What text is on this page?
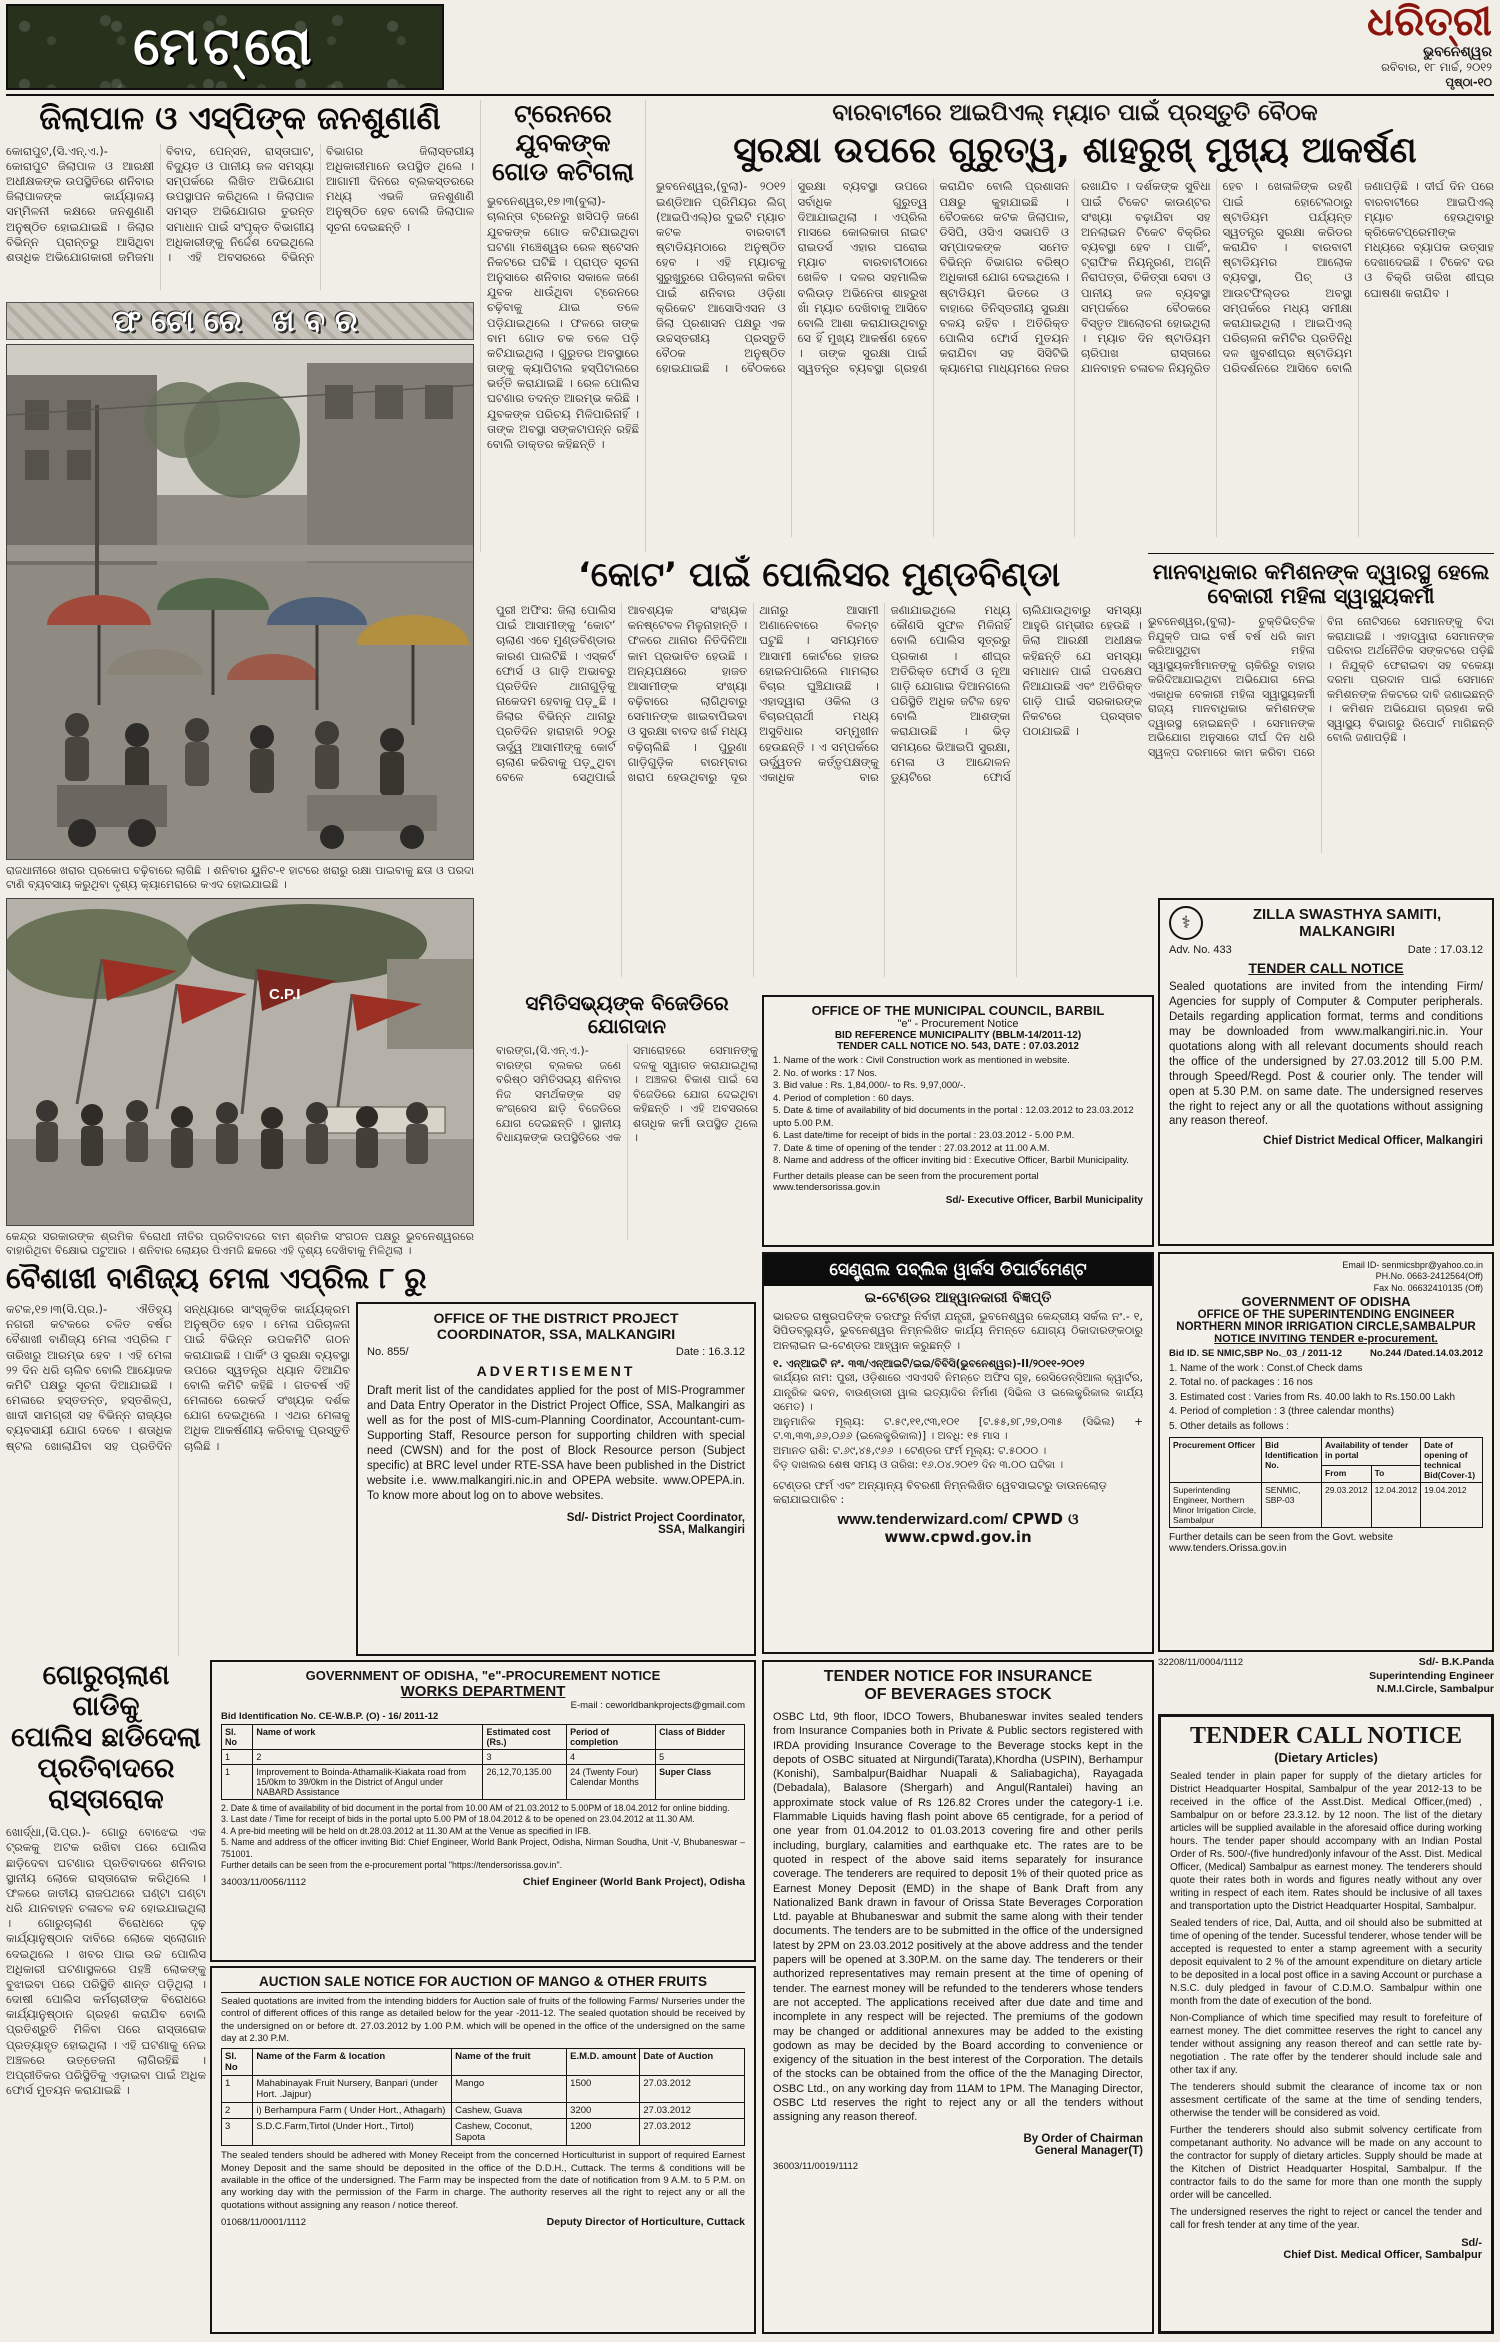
ମେଟ୍ରୋ	ଧରିତ୍ରୀ
ଭୁବନେଶ୍ୱର
ରବିବାର, ୧୮ ମାର୍ଚ୍ଚ, ୨୦୧୨
ପୃଷ୍ଠା-୧୦
ଜିଲାପାଳ ଓ ଏସ୍‌ପିଙ୍କ ଜନଶୁଣାଣି
କୋରାପୁଟ,(ସି.ଏନ୍.ଏ.)- କୋରାପୁଟ ଜିଲାପାଳ ଓ ଆରକ୍ଷୀ ଅଧୀକ୍ଷକଙ୍କ ଉପସ୍ଥିତିରେ ଶନିବାର ଜିଲାପାଳଙ୍କ କାର୍ଯ୍ୟାଳୟ ସମ୍ମିଳନୀ କକ୍ଷରେ ଜନଶୁଣାଣି ଅନୁଷ୍ଠିତ ହୋଇଯାଇଛି । ଜିଲାର ବିଭିନ୍ନ ପ୍ରାନ୍ତରୁ ଆସିଥିବା ଶତାଧିକ ଅଭିଯୋଗକାରୀ ଜମିଜମା ବିବାଦ, ପେନ୍‌ସନ, ରାସ୍ତାଘାଟ, ବିଦ୍ୟୁତ ଓ ପାନୀୟ ଜଳ ସମସ୍ୟା ସମ୍ପର୍କରେ ଲିଖିତ ଅଭିଯୋଗ ଉପସ୍ଥାପନ କରିଥିଲେ । ଜିଲାପାଳ ସମସ୍ତ ଅଭିଯୋଗର ତୁରନ୍ତ ସମାଧାନ ପାଇଁ ସଂପୃକ୍ତ ବିଭାଗୀୟ ଅଧିକାରୀଙ୍କୁ ନିର୍ଦ୍ଦେଶ ଦେଇଥିଲେ । ଏହି ଅବସରରେ ବିଭିନ୍ନ ବିଭାଗର ଜିଲାସ୍ତରୀୟ ଅଧିକାରୀମାନେ ଉପସ୍ଥିତ ଥିଲେ । ଆଗାମୀ ଦିନରେ ବ୍ଲକସ୍ତରରେ ମଧ୍ୟ ଏଭଳି ଜନଶୁଣାଣି ଅନୁଷ୍ଠିତ ହେବ ବୋଲି ଜିଲାପାଳ ସୂଚନା ଦେଇଛନ୍ତି ।
ଟ୍ରେନରେ ଯୁବକଙ୍କ ଗୋଡ କଟିଗଲା
ଭୁବନେଶ୍ୱର,୧୭।୩(ବୁଲା)- ଚାଲନ୍ତା ଟ୍ରେନରୁ ଖସିପଡ଼ି ଜଣେ ଯୁବକଙ୍କ ଗୋଡ କଟିଯାଇଥିବା ଘଟଣା ମଞ୍ଚେଶ୍ୱର ରେଳ ଷ୍ଟେସନ ନିକଟରେ ଘଟିଛି । ପ୍ରାପ୍ତ ସୂଚନା ଅନୁସାରେ ଶନିବାର ସକାଳେ ଜଣେ ଯୁବକ ଧାଉଁଥିବା ଟ୍ରେନରେ ଚଢ଼ିବାକୁ ଯାଇ ତଳେ ପଡ଼ିଯାଇଥିଲେ । ଫଳରେ ତାଙ୍କ ବାମ ଗୋଡ ଚକ ତଳେ ପଡ଼ି କଟିଯାଇଥିଲା । ଗୁରୁତର ଅବସ୍ଥାରେ ତାଙ୍କୁ କ୍ୟାପିଟାଲ ହସ୍ପିଟାଲରେ ଭର୍ତ୍ତି କରାଯାଇଛି । ରେଳ ପୋଲିସ ଘଟଣାର ତଦନ୍ତ ଆରମ୍ଭ କରିଛି । ଯୁବକଙ୍କ ପରିଚୟ ମିଳିପାରିନାହିଁ । ତାଙ୍କ ଅବସ୍ଥା ସଙ୍କଟାପନ୍ନ ରହିଛି ବୋଲି ଡାକ୍ତର କହିଛନ୍ତି ।

ବାରବାଟୀରେ ଆଇପିଏଲ୍ ମ୍ୟାଚ ପାଇଁ ପ୍ରସ୍ତୁତି ବୈଠକ

ସୁରକ୍ଷା ଉପରେ ଗୁରୁତ୍ୱ, ଶାହରୁଖ୍ ମୁଖ୍ୟ ଆକର୍ଷଣ
ଭୁବନେଶ୍ୱର,(ବୁଲା)- ୨୦୧୨ ଇଣ୍ଡିଆନ ପ୍ରିମିୟର ଲିଗ୍ (ଆଇପିଏଲ୍)ର ଦୁଇଟି ମ୍ୟାଚ କଟକ ବାରବାଟୀ ଷ୍ଟାଡିୟମଠାରେ ଅନୁଷ୍ଠିତ ହେବ । ଏହି ମ୍ୟାଚକୁ ସୁରୁଖୁରୁରେ ପରିଚାଳନା କରିବା ପାଇଁ ଶନିବାର ଓଡ଼ିଶା କ୍ରିକେଟ ଆସୋସିଏସନ ଓ ଜିଲା ପ୍ରଶାସନ ପକ୍ଷରୁ ଏକ ଉଚ୍ଚସ୍ତରୀୟ ପ୍ରସ୍ତୁତି ବୈଠକ ଅନୁଷ୍ଠିତ ହୋଇଯାଇଛି । ବୈଠକରେ ସୁରକ୍ଷା ବ୍ୟବସ୍ଥା ଉପରେ ସର୍ବାଧିକ ଗୁରୁତ୍ୱ ଦିଆଯାଇଥିଲା । ଏପ୍ରିଲ ମାସରେ କୋଲକାତା ନାଇଟ ରାଇଡର୍ସ ଏହାର ଘରୋଇ ମ୍ୟାଚ ବାରବାଟୀଠାରେ ଖେଳିବ । ଦଳର ସହମାଲିକ ବଲିଉଡ଼ ଅଭିନେତା ଶାହରୁଖ ଖାଁ ମ୍ୟାଚ ଦେଖିବାକୁ ଆସିବେ ବୋଲି ଆଶା କରାଯାଉଥିବାରୁ ସେ ହିଁ ମୁଖ୍ୟ ଆକର୍ଷଣ ହେବେ । ତାଙ୍କ ସୁରକ୍ଷା ପାଇଁ ସ୍ୱତନ୍ତ୍ର ବ୍ୟବସ୍ଥା ଗ୍ରହଣ କରାଯିବ ବୋଲି ପ୍ରଶାସନ ପକ୍ଷରୁ କୁହାଯାଇଛି । ବୈଠକରେ କଟକ ଜିଲାପାଳ, ଡିସିପି, ଓସିଏ ସଭାପତି ଓ ସମ୍ପାଦକଙ୍କ ସମେତ ବିଭିନ୍ନ ବିଭାଗର ବରିଷ୍ଠ ଅଧିକାରୀ ଯୋଗ ଦେଇଥିଲେ । ଷ୍ଟାଡିୟମ ଭିତରେ ଓ ବାହାରେ ତିନିସ୍ତରୀୟ ସୁରକ୍ଷା ବଳୟ ରହିବ । ଅତିରିକ୍ତ ପୋଲିସ ଫୋର୍ସ ମୁତୟନ କରାଯିବା ସହ ସିସିଟିଭି କ୍ୟାମେରା ମାଧ୍ୟମରେ ନଜର ରଖାଯିବ । ଦର୍ଶକଙ୍କ ସୁବିଧା ପାଇଁ ଟିକେଟ କାଉଣ୍ଟର ସଂଖ୍ୟା ବଢ଼ାଯିବା ସହ ଅନଲାଇନ ଟିକେଟ ବିକ୍ରିର ବ୍ୟବସ୍ଥା ହେବ । ପାର୍କିଂ, ଟ୍ରାଫିକ ନିୟନ୍ତ୍ରଣ, ଅଗ୍ନି ନିରାପତ୍ତା, ଚିକିତ୍ସା ସେବା ଓ ପାନୀୟ ଜଳ ବ୍ୟବସ୍ଥା ସମ୍ପର୍କରେ ବୈଠକରେ ବିସ୍ତୃତ ଆଲୋଚନା ହୋଇଥିଲା । ମ୍ୟାଚ ଦିନ ଷ୍ଟାଡିୟମ ଚାରିପାଖ ରାସ୍ତାରେ ଯାନବାହନ ଚଳାଚଳ ନିୟନ୍ତ୍ରିତ ହେବ । ଖେଳାଳିଙ୍କ ରହଣି ପାଇଁ ହୋଟେଲଠାରୁ ଷ୍ଟାଡିୟମ ପର୍ଯ୍ୟନ୍ତ ସ୍ୱତନ୍ତ୍ର ସୁରକ୍ଷା କରିଡର କରାଯିବ । ବାରବାଟୀ ଷ୍ଟାଡିୟମର ଆଲୋକ ବ୍ୟବସ୍ଥା, ପିଚ୍ ଓ ଆଉଟଫିଲ୍ଡର ଅବସ୍ଥା ସମ୍ପର୍କରେ ମଧ୍ୟ ସମୀକ୍ଷା କରାଯାଇଥିଲା । ଆଇପିଏଲ୍ ପରିଚାଳନା କମିଟିର ପ୍ରତିନିଧି ଦଳ ଖୁବଶୀଘ୍ର ଷ୍ଟାଡିୟମ ପରିଦର୍ଶନରେ ଆସିବେ ବୋଲି ଜଣାପଡ଼ିଛି । ଦୀର୍ଘ ଦିନ ପରେ ବାରବାଟୀରେ ଆଇପିଏଲ୍ ମ୍ୟାଚ ହେଉଥିବାରୁ କ୍ରିକେଟପ୍ରେମୀଙ୍କ ମଧ୍ୟରେ ବ୍ୟାପକ ଉତ୍ସାହ ଦେଖାଦେଇଛି । ଟିକେଟ ଦର ଓ ବିକ୍ରି ତାରିଖ ଶୀଘ୍ର ଘୋଷଣା କରାଯିବ ।
ଫଟୋରେ ଖବର
ରାଜଧାନୀରେ ଖରାର ପ୍ରକୋପ ବଢ଼ିବାରେ ଲାଗିଛି । ଶନିବାର ୟୁନିଟ-୧ ହାଟରେ ଖରାରୁ ରକ୍ଷା ପାଇବାକୁ ଛତା ଓ ପରଦା ଟାଣି ବ୍ୟବସାୟ କରୁଥିବା ଦୃଶ୍ୟ କ୍ୟାମେରାରେ କଏଦ ହୋଇଯାଇଛି ।
C.P.I
କେନ୍ଦ୍ର ସରକାରଙ୍କ ଶ୍ରମିକ ବିରୋଧୀ ନୀତିର ପ୍ରତିବାଦରେ ବାମ ଶ୍ରମିକ ସଂଗଠନ ପକ୍ଷରୁ ଭୁବନେଶ୍ୱରରେ ବାହାରିଥିବା ବିକ୍ଷୋଭ ପଟୁଆର । ଶନିବାର ଲୋୟର ପିଏମଜି ଛକରେ ଏହି ଦୃଶ୍ୟ ଦେଖିବାକୁ ମିଳିଥିଲା ।
‘କୋଟ’ ପାଇଁ ପୋଲିସର ମୁଣ୍ଡବିଣ୍ଡା
ପୁରୀ ଅଫିସ: ଜିଲା ପୋଲିସ ପାଇଁ ଆସାମୀଙ୍କୁ ‘କୋଟ’ ଚାଲାଣ ଏବେ ମୁଣ୍ଡବିଣ୍ଡାର କାରଣ ପାଲଟିଛି । ଏସ୍କର୍ଟ ଫୋର୍ସ ଓ ଗାଡ଼ି ଅଭାବରୁ ପ୍ରତିଦିନ ଥାନାଗୁଡ଼ିକୁ ନାକେଦମ ହେବାକୁ ପଡ଼ୁଛି । ଜିଲାର ବିଭିନ୍ନ ଥାନାରୁ ପ୍ରତିଦିନ ହାରାହାରି ୨୦ରୁ ଊର୍ଦ୍ଧ୍ୱ ଆସାମୀଙ୍କୁ କୋର୍ଟ ଚାଲାଣ କରିବାକୁ ପଡ଼ୁଥିବା ବେଳେ ସେଥିପାଇଁ ଆବଶ୍ୟକ ସଂଖ୍ୟକ କନଷ୍ଟେବଳ ମିଳୁନାହାନ୍ତି । ଫଳରେ ଥାନାର ନିତିଦିନିଆ କାମ ପ୍ରଭାବିତ ହେଉଛି । ଅନ୍ୟପକ୍ଷରେ ହାଜତ ଆସାମୀଙ୍କ ସଂଖ୍ୟା ବଢ଼ିବାରେ ଲାଗିଥିବାରୁ ସେମାନଙ୍କ ଖାଇବାପିଇବା ଓ ସୁରକ୍ଷା ବାବଦ ଖର୍ଚ୍ଚ ମଧ୍ୟ ବଢ଼ିଚାଲିଛି । ପୁରୁଣା ଗାଡ଼ିଗୁଡ଼ିକ ବାରମ୍ବାର ଖରାପ ହେଉଥିବାରୁ ଦୂର ଥାନାରୁ ଆସାମୀ ଅଣାନେବାରେ ବିଳମ୍ବ ଘଟୁଛି । ସମୟମତେ ଆସାମୀ କୋର୍ଟରେ ହାଜର ହୋଇନପାରିଲେ ମାମଲାର ବିଚାର ଘୁଞ୍ଚିଯାଉଛି । ଏହାଦ୍ୱାରା ଓକିଲ ଓ ବିଚାରପ୍ରାର୍ଥୀ ମଧ୍ୟ ଅସୁବିଧାର ସମ୍ମୁଖୀନ ହେଉଛନ୍ତି । ଏ ସମ୍ପର୍କରେ ଊର୍ଦ୍ଧ୍ୱତନ କର୍ତ୍ତୃପକ୍ଷଙ୍କୁ ଏକାଧିକ ବାର ଜଣାଯାଇଥିଲେ ମଧ୍ୟ କୌଣସି ସୁଫଳ ମିଳିନାହିଁ ବୋଲି ପୋଲିସ ସୂତ୍ରରୁ ପ୍ରକାଶ । ଶୀଘ୍ର ଅତିରିକ୍ତ ଫୋର୍ସ ଓ ନୂଆ ଗାଡ଼ି ଯୋଗାଇ ଦିଆନଗଲେ ପରିସ୍ଥିତି ଅଧିକ ଜଟିଳ ହେବ ବୋଲି ଆଶଙ୍କା କରାଯାଉଛି । ଭିଡ଼ ସମୟରେ ଭିଆଇପି ସୁରକ୍ଷା, ମେଳା ଓ ଆନ୍ଦୋଳନ ଡ୍ୟୁଟିରେ ଫୋର୍ସ ଚାଲିଯାଉଥିବାରୁ ସମସ୍ୟା ଆହୁରି ଗମ୍ଭୀର ହେଉଛି । ଜିଲା ଆରକ୍ଷୀ ଅଧୀକ୍ଷକ କହିଛନ୍ତି ଯେ ସମସ୍ୟା ସମାଧାନ ପାଇଁ ପଦକ୍ଷେପ ନିଆଯାଉଛି ଏବଂ ଅତିରିକ୍ତ ଗାଡ଼ି ପାଇଁ ସରକାରଙ୍କ ନିକଟରେ ପ୍ରସ୍ତାବ ପଠାଯାଇଛି ।
ମାନବାଧିକାର କମିଶନଙ୍କ ଦ୍ୱାରସ୍ଥ ହେଲେ ବେକାରୀ ମହିଳା ସ୍ୱାସ୍ଥ୍ୟକର୍ମୀ
ଭୁବନେଶ୍ୱର,(ବୁଲା)- ଚୁକ୍ତିଭିତ୍ତିକ ନିଯୁକ୍ତି ପାଇ ବର୍ଷ ବର୍ଷ ଧରି କାମ କରିଆସୁଥିବା ମହିଳା ସ୍ୱାସ୍ଥ୍ୟକର୍ମୀମାନଙ୍କୁ ଚାକିରିରୁ ବାହାର କରିଦିଆଯାଇଥିବା ଅଭିଯୋଗ ନେଇ ଏକାଧିକ ବେକାରୀ ମହିଳା ସ୍ୱାସ୍ଥ୍ୟକର୍ମୀ ରାଜ୍ୟ ମାନବାଧିକାର କମିଶନଙ୍କ ଦ୍ୱାରସ୍ଥ ହୋଇଛନ୍ତି । ସେମାନଙ୍କ ଅଭିଯୋଗ ଅନୁସାରେ ଦୀର୍ଘ ଦିନ ଧରି ସ୍ୱଳ୍ପ ଦରମାରେ କାମ କରିବା ପରେ ବିନା ନୋଟିସରେ ସେମାନଙ୍କୁ ବିଦା କରାଯାଇଛି । ଏହାଦ୍ୱାରା ସେମାନଙ୍କ ପରିବାର ଅର୍ଥନୈତିକ ସଙ୍କଟରେ ପଡ଼ିଛି । ନିଯୁକ୍ତି ଫେରାଇବା ସହ ବକେୟା ଦରମା ପ୍ରଦାନ ପାଇଁ ସେମାନେ କମିଶନଙ୍କ ନିକଟରେ ଦାବି ଜଣାଇଛନ୍ତି । କମିଶନ ଅଭିଯୋଗ ଗ୍ରହଣ କରି ସ୍ୱାସ୍ଥ୍ୟ ବିଭାଗରୁ ରିପୋର୍ଟ ମାଗିଛନ୍ତି ବୋଲି ଜଣାପଡ଼ିଛି ।
ସମିତିସଭ୍ୟଙ୍କ ବିଜେଡିରେ ଯୋଗଦାନ
ବାରଙ୍ଗ,(ସି.ଏନ୍.ଏ.)- ବାରଙ୍ଗ ବ୍ଲକର ଜଣେ ବରିଷ୍ଠ ସମିତିସଭ୍ୟ ଶନିବାର ନିଜ ସମର୍ଥକଙ୍କ ସହ କଂଗ୍ରେସ ଛାଡ଼ି ବିଜେଡିରେ ଯୋଗ ଦେଇଛନ୍ତି । ସ୍ଥାନୀୟ ବିଧାୟକଙ୍କ ଉପସ୍ଥିତିରେ ଏକ ସମାରୋହରେ ସେମାନଙ୍କୁ ଦଳକୁ ସ୍ୱାଗତ କରାଯାଇଥିଲା । ଅଞ୍ଚଳର ବିକାଶ ପାଇଁ ସେ ବିଜେଡିରେ ଯୋଗ ଦେଇଥିବା କହିଛନ୍ତି । ଏହି ଅବସରରେ ଶତାଧିକ କର୍ମୀ ଉପସ୍ଥିତ ଥିଲେ ।
⚕	ZILLA SWASTHYA SAMITI,
MALKANGIRI
Adv. No. 433	Date : 17.03.12
TENDER CALL NOTICE
Sealed quotations are invited from the intending Firm/ Agencies for supply of Computer & Computer peripherals. Details regarding application format, terms and conditions may be downloaded from www.malkangiri.nic.in. Your quotations along with all relevant documents should reach the office of the undersigned by 27.03.2012 till 5.00 P.M. through Speed/Regd. Post & courier only. The tender will open at 5.30 P.M. on same date. The undersigned reserves the right to reject any or all the quotations without assigning any reason thereof.
Chief District Medical Officer, Malkangiri
OFFICE OF THE MUNICIPAL COUNCIL, BARBIL
"e" - Procurement Notice
BID REFERENCE MUNICIPALITY (BBLM-14/2011-12)
TENDER CALL NOTICE NO. 543, DATE : 07.03.2012
1. Name of the work : Civil Construction work as mentioned in website.
2. No. of works : 17 Nos.
3. Bid value : Rs. 1,84,000/- to Rs. 9,97,000/-.
4. Period of completion : 60 days.
5. Date & time of availability of bid documents in the portal : 12.03.2012 to 23.03.2012 upto 5.00 P.M.
6. Last date/time for receipt of bids in the portal : 23.03.2012 - 5.00 P.M.
7. Date & time of opening of the tender : 27.03.2012 at 11.00 A.M.
8. Name and address of the officer inviting bid : Executive Officer, Barbil Municipality.
Further details please can be seen from the procurement portal www.tendersorissa.gov.in
Sd/- Executive Officer, Barbil Municipality
ବୈଶାଖୀ ବାଣିଜ୍ୟ ମେଳା ଏପ୍ରିଲ ୮ ରୁ
କଟକ,୧୭।୩(ସି.ପ୍ର.)- ଐତିହ୍ୟ ନଗରୀ କଟକରେ ଚଳିତ ବର୍ଷର ବୈଶାଖୀ ବାଣିଜ୍ୟ ମେଳା ଏପ୍ରିଲ ୮ ତାରିଖରୁ ଆରମ୍ଭ ହେବ । ଏହି ମେଳା ୨୨ ଦିନ ଧରି ଚାଲିବ ବୋଲି ଆୟୋଜକ କମିଟି ପକ୍ଷରୁ ସୂଚନା ଦିଆଯାଇଛି । ମେଳାରେ ହସ୍ତତନ୍ତ, ହସ୍ତଶିଳ୍ପ, ଖାଦୀ ସାମଗ୍ରୀ ସହ ବିଭିନ୍ନ ରାଜ୍ୟର ବ୍ୟବସାୟୀ ଯୋଗ ଦେବେ । ଶତାଧିକ ଷ୍ଟଲ ଖୋଲାଯିବା ସହ ପ୍ରତିଦିନ ସନ୍ଧ୍ୟାରେ ସାଂସ୍କୃତିକ କାର୍ଯ୍ୟକ୍ରମ ଅନୁଷ୍ଠିତ ହେବ । ମେଳା ପରିଚାଳନା ପାଇଁ ବିଭିନ୍ନ ଉପକମିଟି ଗଠନ କରାଯାଇଛି । ପାର୍କିଂ ଓ ସୁରକ୍ଷା ବ୍ୟବସ୍ଥା ଉପରେ ସ୍ୱତନ୍ତ୍ର ଧ୍ୟାନ ଦିଆଯିବ ବୋଲି କମିଟି କହିଛି । ଗତବର୍ଷ ଏହି ମେଳାରେ ରେକର୍ଡ ସଂଖ୍ୟକ ଦର୍ଶକ ଯୋଗ ଦେଇଥିଲେ । ଏଥର ମେଳାକୁ ଅଧିକ ଆକର୍ଷଣୀୟ କରିବାକୁ ପ୍ରସ୍ତୁତି ଚାଲିଛି ।
OFFICE OF THE DISTRICT PROJECT
COORDINATOR, SSA, MALKANGIRI
No. 855/	Date : 16.3.12
ADVERTISEMENT
Draft merit list of the candidates applied for the post of MIS-Programmer and Data Entry Operator in the District Project Office, SSA, Malkangiri as well as for the post of MIS-cum-Planning Coordinator, Accountant-cum-Supporting Staff, Resource person for supporting children with special need (CWSN) and for the post of Block Resource person (Subject specific) at BRC level under RTE-SSA have been published in the District website i.e. www.malkangiri.nic.in and OPEPA website. www.OPEPA.in. To know more about log on to above websites.
Sd/- District Project Coordinator,
SSA, Malkangiri
ସେଣ୍ଟ୍ରାଲ ପବ୍ଲିକ ୱାର୍କସ ଡିପାର୍ଟମେଣ୍ଟ
ଇ-ଟେଣ୍ଡର ଆହ୍ୱାନକାରୀ ବିଜ୍ଞପ୍ତି
ଭାରତର ରାଷ୍ଟ୍ରପତିଙ୍କ ତରଫରୁ ନିର୍ବାହୀ ଯନ୍ତ୍ରୀ, ଭୁବନେଶ୍ୱର କେନ୍ଦ୍ରୀୟ ସର୍କଲ ନଂ.- ୧, ସିପିଡବ୍ଲ୍ୟୁଡି, ଭୁବନେଶ୍ୱର ନିମ୍ନଲିଖିତ କାର୍ଯ୍ୟ ନିମନ୍ତେ ଯୋଗ୍ୟ ଠିକାଦାରଙ୍କଠାରୁ ଅନଲାଇନ ଇ-ଟେଣ୍ଡର ଆହ୍ୱାନ କରୁଛନ୍ତି ।
୧. ଏନ୍‌ଆଇଟି ନଂ. ୩୩/ଏନ୍‌ଆଇଟି/ଇଇ/ବିବିସି(ଭୁବନେଶ୍ୱର)-II/୨୦୧୧-୨୦୧୨
କାର୍ଯ୍ୟର ନାମ: ପୁରୀ, ଓଡ଼ିଶାରେ ଏସଏସବି ନିମନ୍ତେ ଅଫିସ ଗୃହ, ରେସିଡେନ୍ସିଆଲ କ୍ୱାର୍ଟର, ଯାନ୍ତ୍ରିକ ଭବନ, ବାଉଣ୍ଡାରୀ ୱାଲ ଇତ୍ୟାଦିର ନିର୍ମାଣ (ସିଭିଲ ଓ ଇଲେକ୍ଟ୍ରିକାଲ କାର୍ଯ୍ୟ ସମେତ) ।
ଆନୁମାନିକ ମୂଲ୍ୟ: ଟ.୫୯,୧୧,୯୩,୧୦୧ [ଟ.୫୫,୭୮,୨୭,୦୩୫ (ସିଭିଲ) + ଟ.୩,୩୩,୬୬,୦୬୬ (ଇଲେକ୍ଟ୍ରିକାଲ)] । ଅବଧି: ୧୫ ମାସ ।
ଅମାନତ ରାଶି: ଟ.୬୯,୪୫,୯୬୬ । ଟେଣ୍ଡର ଫର୍ମ ମୂଲ୍ୟ: ଟ.୫୦୦୦ ।
ବିଡ଼ ଦାଖଲର ଶେଷ ସମୟ ଓ ତାରିଖ: ୧୬.୦୪.୨୦୧୨ ଦିନ ୩.୦୦ ଘଟିକା ।
ଟେଣ୍ଡର ଫର୍ମ ଏବଂ ଅନ୍ୟାନ୍ୟ ବିବରଣୀ ନିମ୍ନଲିଖିତ ୱେବସାଇଟରୁ ଡାଉନଲୋଡ଼ କରାଯାଇପାରିବ :
www.tenderwizard.com/ CPWD ଓ www.cpwd.gov.in
Email ID- senmicsbpr@yahoo.co.in
PH.No. 0663-2412564(Off)
Fax No. 06632410135 (Off)
GOVERNMENT OF ODISHA
OFFICE OF THE SUPERINTENDING ENGINEER
NORTHERN MINOR IRRIGATION CIRCLE,SAMBALPUR
NOTICE INVITING TENDER e-procurement.
Bid ID. SE NMIC,SBP No._03_/ 2011-12	No.244 /Dated.14.03.2012
1. Name of the work : Const.of Check dams
2. Total no. of packages : 16 nos
3. Estimated cost : Varies from Rs. 40.00 lakh to Rs.150.00 Lakh
4. Period of completion : 3 (three calendar months)
5. Other details as follows :
Procurement Officer	Bid Identification No.	Availability of tender in portal		Date of opening of technical Bid(Cover-1)
		From	To	
Superintending Engineer, Northern Minor Irrigation Circle, Sambalpur	SENMIC, SBP-03	29.03.2012	12.04.2012	19.04.2012
Further details can be seen from the Govt. website www.tenders.Orissa.gov.in
32208/11/0004/1112	Sd/- B.K.Panda
Superintending Engineer
N.M.I.Circle, Sambalpur
ଗୋରୁଚାଲାଣ ଗାଡିକୁ
ପୋଲିସ ଛାଡିଦେଲା
ପ୍ରତିବାଦରେ
ରାସ୍ତାରୋକ
ଖୋର୍ଦ୍ଧା,(ସି.ପ୍ର.)- ଗୋରୁ ବୋଝେଇ ଏକ ଟ୍ରକକୁ ଅଟକ ରଖିବା ପରେ ପୋଲିସ ଛାଡ଼ିଦେବା ଘଟଣାର ପ୍ରତିବାଦରେ ଶନିବାର ସ୍ଥାନୀୟ ଲୋକେ ରାସ୍ତାରୋକ କରିଥିଲେ । ଫଳରେ ଜାତୀୟ ରାଜପଥରେ ଘଣ୍ଟା ଘଣ୍ଟା ଧରି ଯାନବାହନ ଚଳାଚଳ ବନ୍ଦ ହୋଇଯାଇଥିଲା । ଗୋରୁଚାଲାଣ ବିରୋଧରେ ଦୃଢ଼ କାର୍ଯ୍ୟାନୁଷ୍ଠାନ ଦାବିରେ ଲୋକେ ସ୍ଲୋଗାନ ଦେଇଥିଲେ । ଖବର ପାଇ ଉଚ୍ଚ ପୋଲିସ ଅଧିକାରୀ ଘଟଣାସ୍ଥଳରେ ପହଞ୍ଚି ଲୋକଙ୍କୁ ବୁଝାଇବା ପରେ ପରିସ୍ଥିତି ଶାନ୍ତ ପଡ଼ିଥିଲା । ଦୋଷୀ ପୋଲିସ କର୍ମଚାରୀଙ୍କ ବିରୋଧରେ କାର୍ଯ୍ୟାନୁଷ୍ଠାନ ଗ୍ରହଣ କରାଯିବ ବୋଲି ପ୍ରତିଶ୍ରୁତି ମିଳିବା ପରେ ରାସ୍ତାରୋକ ପ୍ରତ୍ୟାହୃତ ହୋଇଥିଲା । ଏହି ଘଟଣାକୁ ନେଇ ଅଞ୍ଚଳରେ ଉତ୍ତେଜନା ଲାଗିରହିଛି । ଅପ୍ରୀତିକର ପରିସ୍ଥିତିକୁ ଏଡ଼ାଇବା ପାଇଁ ଅଧିକ ଫୋର୍ସ ମୁତୟନ କରାଯାଇଛି ।
GOVERNMENT OF ODISHA, "e"-PROCUREMENT NOTICE
WORKS DEPARTMENT
E-mail : ceworldbankprojects@gmail.com
Bid Identification No. CE-W.B.P. (O) - 16/ 2011-12
Sl. No	Name of work	Estimated cost (Rs.)	Period of completion	Class of Bidder
1	2	3	4	5
1	Improvement to Boinda-Athamalik-Kiakata road from 15/0km to 39/0km in the District of Angul under NABARD Assistance	26,12,70,135.00	24 (Twenty Four) Calendar Months	Super Class
2. Date & time of availability of bid document in the portal from 10.00 AM of 21.03.2012 to 5.00PM of 18.04.2012 for online bidding.
3. Last date / Time for receipt of bids in the portal upto 5.00 PM of 18.04.2012 & to be opened on 23.04.2012 at 11.30 AM.
4. A pre-bid meeting will be held on dt.28.03.2012 at 11.30 AM at the Venue as specified in IFB.
5. Name and address of the officer inviting Bid: Chief Engineer, World Bank Project, Odisha, Nirman Soudha, Unit -V, Bhubaneswar – 751001.
Further details can be seen from the e-procurement portal "https://tendersorissa.gov.in".
34003/11/0056/1112	Chief Engineer (World Bank Project), Odisha
AUCTION SALE NOTICE FOR AUCTION OF MANGO & OTHER FRUITS
Sealed quotations are invited from the intending bidders for Auction sale of fruits of the following Farms/ Nurseries under the control of different offices of this range as detailed below for the year -2011-12. The sealed quotation should be received by the undersigned on or before dt. 27.03.2012 by 1.00 P.M. which will be opened in the office of the undersigned on the same day at 2.30 P.M.
Sl. No	Name of the Farm & location	Name of the fruit	E.M.D. amount	Date of Auction
1	Mahabinayak Fruit Nursery, Banpari (under Hort. .Jajpur)	Mango	1500	27.03.2012
2	i) Berhampura Farm ( Under Hort., Athagarh)	Cashew, Guava	3200	27.03.2012
3	S.D.C.Farm,Tirtol (Under Hort., Tirtol)	Cashew, Coconut, Sapota	1200	27.03.2012
The sealed tenders should be adhered with Money Receipt from the concerned Horticulturist in support of required Earnest Money Deposit and the same should be deposited in the office of the D.D.H., Cuttack. The terms & conditions will be available in the office of the undersigned. The Farm may be inspected from the date of notification from 9 A.M. to 5 P.M. on any working day with the permission of the Farm in charge. The authority reserves all the right to reject any or all the quotations without assigning any reason / notice thereof.
01068/11/0001/1112	Deputy Director of Horticulture, Cuttack
TENDER NOTICE FOR INSURANCE
OF BEVERAGES STOCK
OSBC Ltd, 9th floor, IDCO Towers, Bhubaneswar invites sealed tenders from Insurance Companies both in Private & Public sectors registered with IRDA providing Insurance Coverage to the Beverage stocks kept in the depots of OSBC situated at Nirgundi(Tarata),Khordha (USPIN), Berhampur (Konishi), Sambalpur(Baidhar Nuapali & Saliabagicha), Rayagada (Debadala), Balasore (Shergarh) and Angul(Rantalei) having an approximate stock value of Rs 126.82 Crores under the category-1 i.e. Flammable Liquids having flash point above 65 centigrade, for a period of one year from 01.04.2012 to 01.03.2013 covering fire and other perils including, burglary, calamities and earthquake etc. The rates are to be quoted in respect of the above said items separately for insurance coverage. The tenderers are required to deposit 1% of their quoted price as Earnest Money Deposit (EMD) in the shape of Bank Draft from any Nationalized Bank drawn in favour of Orissa State Beverages Corporation Ltd. payable at Bhubaneswar and submit the same along with their tender documents. The tenders are to be submitted in the office of the undersigned latest by 2PM on 23.03.2012 positively at the above address and the tender papers will be opened at 3.30P.M. on the same day. The tenderers or their authorized representatives may remain present at the time of opening of tender. The earnest money will be refunded to the tenderers whose tenders are not accepted. The applications received after due date and time and incomplete in any respect will be rejected. The premiums of the godown may be changed or additional annexures may be added to the existing godown as may be decided by the Board according to convenience or exigency of the situation in the best interest of the Corporation. The details of the stocks can be obtained from the office of the the Managing Director, OSBC Ltd., on any working day from 11AM to 1PM. The Managing Director, OSBC Ltd reserves the right to reject any or all the tenders without assigning any reason thereof.
By Order of Chairman
General Manager(T)
36003/11/0019/1112
TENDER CALL NOTICE
(Dietary Articles)

Sealed tender in plain paper for supply of the dietary articles for District Headquarter Hospital, Sambalpur of the year 2012-13 to be received in the office of the Asst.Dist. Medical Officer,(med) , Sambalpur on or before 23.3.12. by 12 noon. The list of the dietary articles will be supplied available in the aforesaid office during working hours. The tender paper should accompany with an Indian Postal Order of Rs. 500/-(five hundred)only infavour of the Asst. Dist. Medical Officer, (Medical) Sambalpur as earnest money. The tenderers should quote their rates both in words and figures neatly without any over writing in respect of each item. Rates should be inclusive of all taxes and transportation upto the District Headquarter Hospital, Sambalpur.

Sealed tenders of rice, Dal, Autta, and oil should also be submitted at time of opening of the tender. Sucessful tenderer, whose tender will be accepted is requested to enter a stamp agreement with a security deposit equivalent to 2 % of the amount expenditure on dietary article to be deposited in a local post office in a saving Account or purchase a N.S.C. duly pledged in favour of C.D.M.O. Sambalpur within one month from the date of execution of the bond.

Non-Compliance of which time specified may result to forefeiture of earnest money. The diet committee reserves the right to cancel any tender without assigning any reason thereof and can settle rate by-negotiation . The rate offer by the tenderer should include sale and other tax if any.

The tenderers should submit the clearance of income tax or non assesment certificate of the same at the time of sending tenders, otherwise the tender will be considered as void.

Further the tenderers should also submit solvency certificate from competanant authority. No advance will be made on any account to the contractor for supply of dietary articles. Supply should be made at the Kitchen of District Headquarter Hospital, Sambalpur. If the contractor fails to do the same for more than one month the supply order will be cancelled.

The undersigned reserves the right to reject or cancel the tender and call for fresh tender at any time of the year.

Sd/-
Chief Dist. Medical Officer, Sambalpur
